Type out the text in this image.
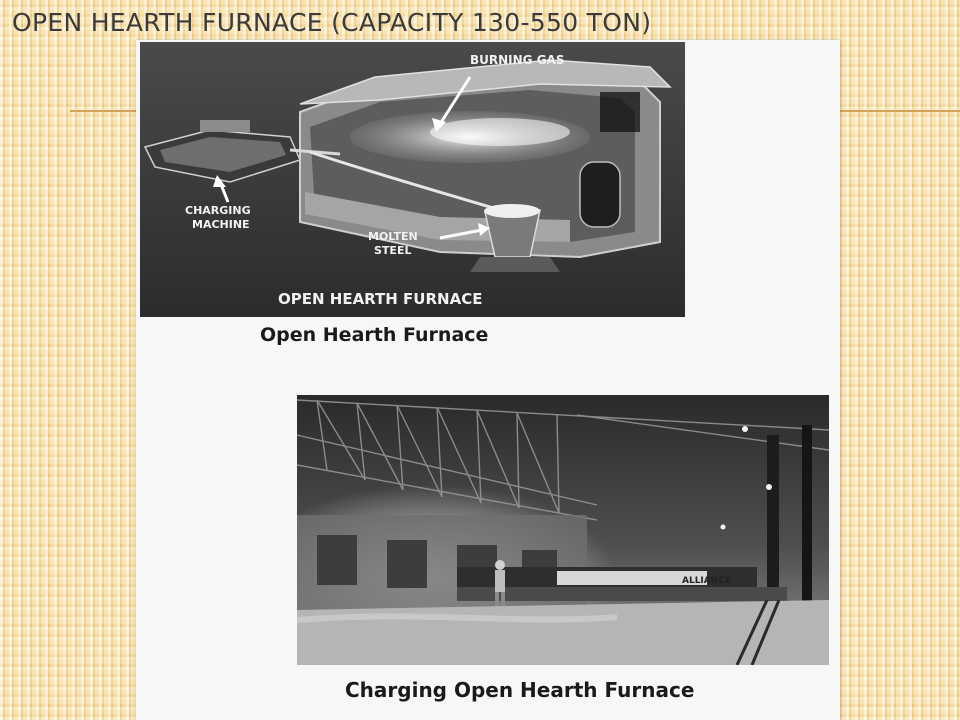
OPEN HEARTH FURNACE (CAPACITY 130-550 TON)
BURNING GAS
CHARGING
MACHINE
MOLTEN
STEEL
OPEN HEARTH FURNACE
Open Hearth Furnace
ALLIANCE
Charging Open Hearth Furnace
